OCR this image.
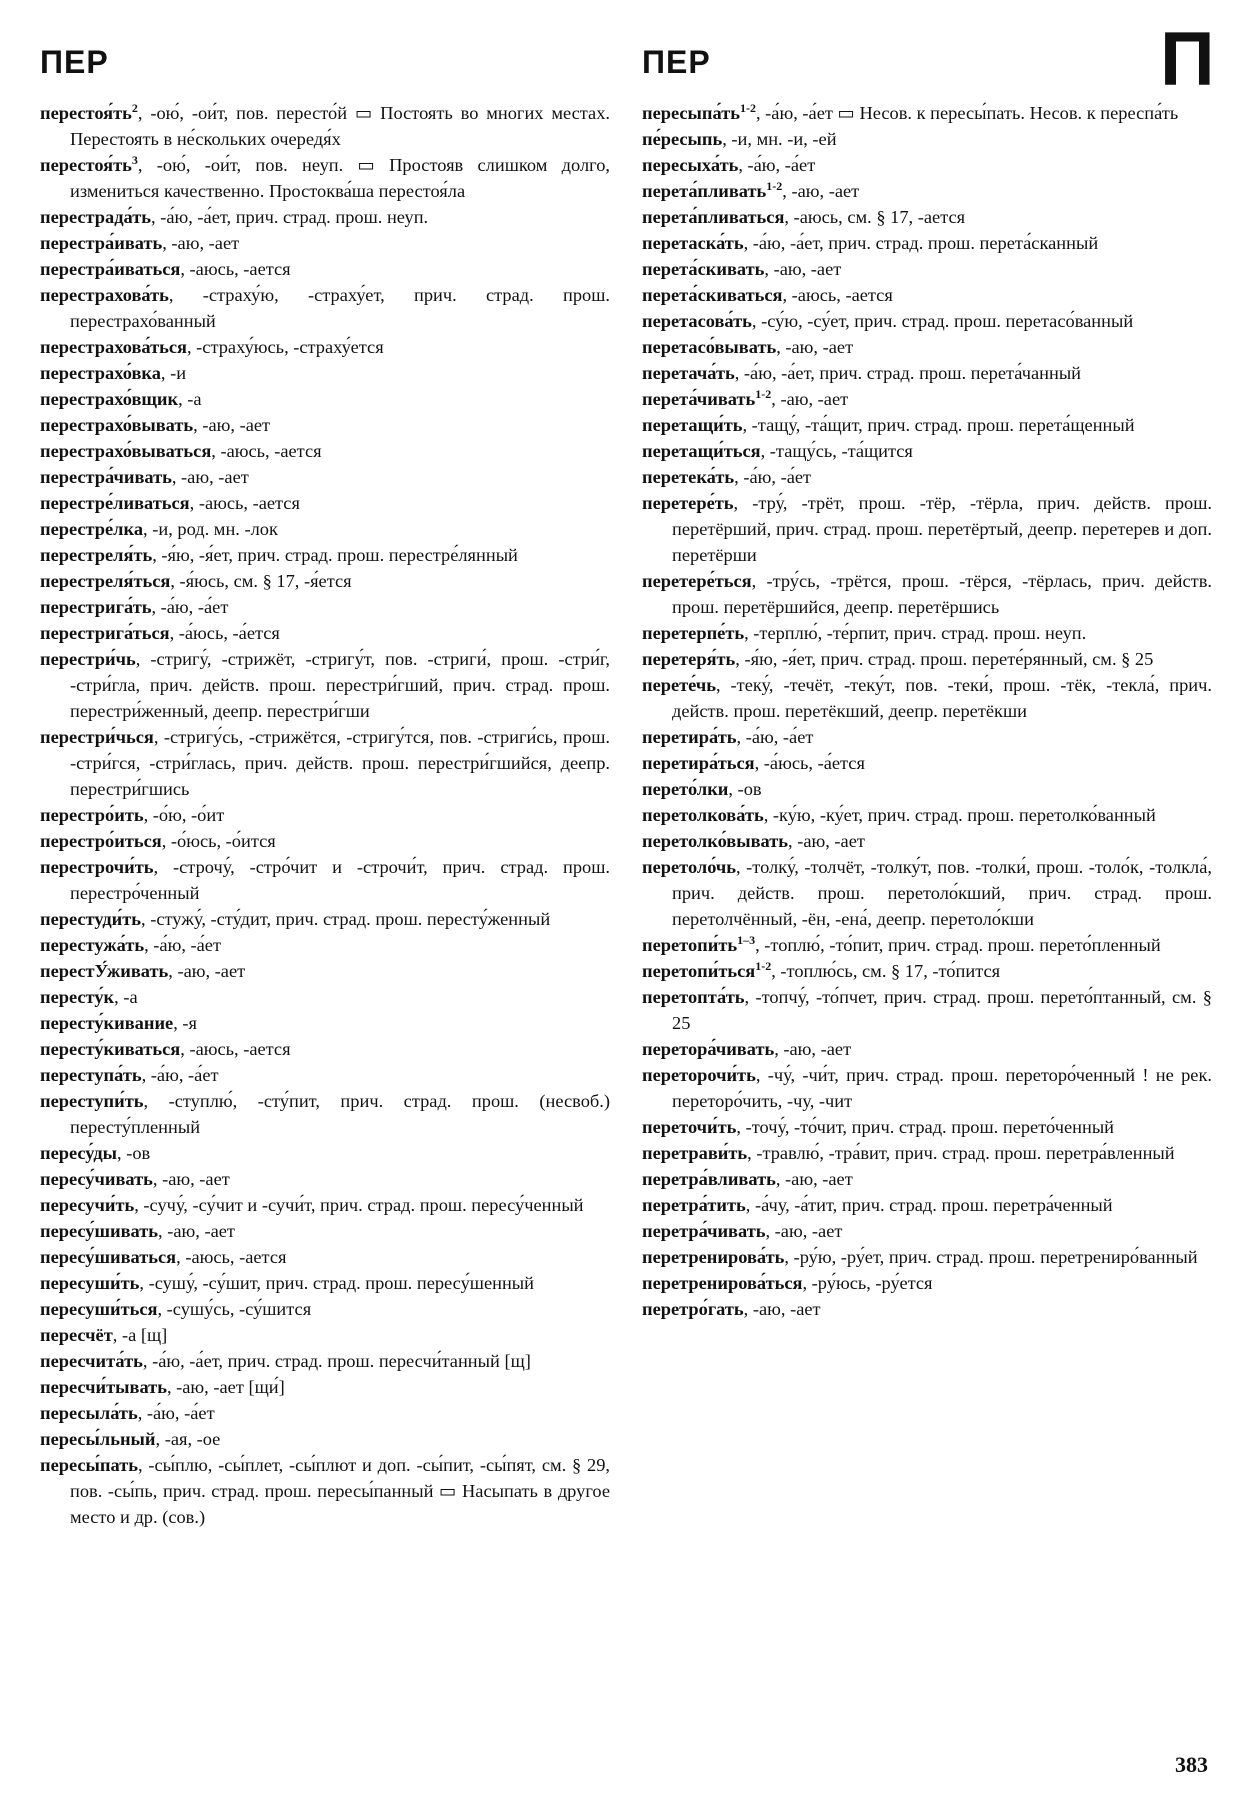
ПЕР	ПЕР	П

$перестоя́ть^2$, -ою́, -ои́т, пов. пересто́й ▭ Постоять во многих местах. Перестоять в не́скольких очередя́х

$перестоя́ть^3$, -ою́, -ои́т, пов. неуп. ▭ Простояв слишком долго, измениться качественно. Простоква́ша перестоя́ла

перестрада́ть, -а́ю, -а́ет, прич. страд. прош. неуп.

перестра́ивать, -аю, -ает

перестра́иваться, -аюсь, -ается

перестрахова́ть, -страху́ю, -страху́ет, прич. страд. прош. перестрахо́ванный

перестрахова́ться, -страху́юсь, -страху́ется

перестрахо́вка, -и

перестрахо́вщик, -а

перестрахо́вывать, -аю, -ает

перестрахо́вываться, -аюсь, -ается

перестра́чивать, -аю, -ает

перестре́ливаться, -аюсь, -ается

перестре́лка, -и, род. мн. -лок

перестреля́ть, -я́ю, -я́ет, прич. страд. прош. перестре́лянный

перестреля́ться, -я́юсь, см. § 17, -я́ется

перестрига́ть, -а́ю, -а́ет

перестрига́ться, -а́юсь, -а́ется

перестри́чь, -стригу́, -стрижёт, -стригу́т, пов. -стриги́, прош. -стри́г, -стри́гла, прич. действ. прош. перестри́гший, прич. страд. прош. перестри́женный, деепр. перестри́гши

перестри́чься, -стригу́сь, -стрижётся, -стригу́тся, пов. -стриги́сь, прош. -стри́гся, -стри́глась, прич. действ. прош. перестри́гшийся, деепр. перестри́гшись

перестро́ить, -о́ю, -о́ит

перестро́иться, -о́юсь, -о́ится

перестрочи́ть, -строчу́, -стро́чит и -строчи́т, прич. страд. прош. перестро́ченный

перестуди́ть, -стужу́, -сту́дит, прич. страд. прош. пересту́женный

перестужа́ть, -а́ю, -а́ет

перестУ́живать, -аю, -ает

пересту́к, -а

пересту́кивание, -я

пересту́киваться, -аюсь, -ается

переступа́ть, -а́ю, -а́ет

переступи́ть, -ступлю́, -сту́пит, прич. страд. прош. (несвоб.) пересту́пленный

пересу́ды, -ов

пересу́чивать, -аю, -ает

пересучи́ть, -сучу́, -су́чит и -сучи́т, прич. страд. прош. пересу́ченный

пересу́шивать, -аю, -ает

пересу́шиваться, -аюсь, -ается

пересуши́ть, -сушу́, -су́шит, прич. страд. прош. пересу́шенный

пересуши́ться, -сушу́сь, -су́шится

пересчёт, -а [щ]

пересчита́ть, -а́ю, -а́ет, прич. страд. прош. пересчи́танный [щ]

пересчи́тывать, -аю, -ает [щи́]

пересыла́ть, -а́ю, -а́ет

пересы́льный, -ая, -ое

пересы́пать, -сы́плю, -сы́плет, -сы́плют и доп. -сы́пит, -сы́пят, см. § 29, пов. -сы́пь, прич. страд. прош. пересы́панный ▭ Насыпать в другое место и др. (сов.)

$пересыпа́ть^{1-2}$, -а́ю, -а́ет ▭ Несов. к пересы́пать. Несов. к переспа́ть

пе́ресыпь, -и, мн. -и, -ей

пересыха́ть, -а́ю, -а́ет

перета́пливать$^{1-2}$, -аю, -ает

перета́пливаться, -аюсь, см. § 17, -ается

перетаска́ть, -а́ю, -а́ет, прич. страд. прош. перета́сканный

перета́скивать, -аю, -ает

перета́скиваться, -аюсь, -ается

перетасова́ть, -су́ю, -су́ет, прич. страд. прош. перетасо́ванный

перетасо́вывать, -аю, -ает

перетача́ть, -а́ю, -а́ет, прич. страд. прош. перета́чанный

перета́чивать$^{1-2}$, -аю, -ает

перетащи́ть, -тащу́, -та́щит, прич. страд. прош. перета́щенный

перетащи́ться, -тащу́сь, -та́щится

перетека́ть, -а́ю, -а́ет

перетере́ть, -тру́, -трёт, прош. -тёр, -тёрла, прич. действ. прош. перетёрший, прич. страд. прош. перетёртый, деепр. перетерев и доп. перетёрши

перетере́ться, -тру́сь, -трётся, прош. -тёрся, -тёрлась, прич. действ. прош. перетёршийся, деепр. перетёршись

перетерпе́ть, -терплю́, -те́рпит, прич. страд. прош. неуп.

перетеря́ть, -я́ю, -я́ет, прич. страд. прош. перете́рянный, см. § 25

перете́чь, -теку́, -течёт, -теку́т, пов. -теки́, прош. -тёк, -текла́, прич. действ. прош. перетёкший, деепр. перетёкши

перетира́ть, -а́ю, -а́ет

перетира́ться, -а́юсь, -а́ется

перето́лки, -ов

перетолкова́ть, -ку́ю, -ку́ет, прич. страд. прош. перетолко́ванный

перетолко́вывать, -аю, -ает

перетоло́чь, -толку́, -толчёт, -толку́т, пов. -толки́, прош. -толо́к, -толкла́, прич. действ. прош. перетоло́кший, прич. страд. прош. перетолчённый, -ён, -ена́, деепр. перетоло́кши

$перетопи́ть^{1-3}$, -топлю́, -то́пит, прич. страд. прош. перето́пленный

перетопи́ться$^{1-2}$, -топлю́сь, см. § 17, -то́пится

перетопта́ть, -топчу́, -то́пчет, прич. страд. прош. перето́птанный, см. § 25

перетора́чивать, -аю, -ает

переторочи́ть, -чу́, -чи́т, прич. страд. прош. переторо́ченный ! не рек. переторо́чить, -чу, -чит

переточи́ть, -точу́, -то́чит, прич. страд. прош. перето́ченный

перетрави́ть, -травлю́, -тра́вит, прич. страд. прош. перетра́вленный

перетра́вливать, -аю, -ает

перетра́тить, -а́чу, -а́тит, прич. страд. прош. перетра́ченный

перетра́чивать, -аю, -ает

перетренирова́ть, -ру́ю, -ру́ет, прич. страд. прош. перетрениро́ванный

перетренирова́ться, -ру́юсь, -ру́ется

перетро́гать, -аю, -ает

383
